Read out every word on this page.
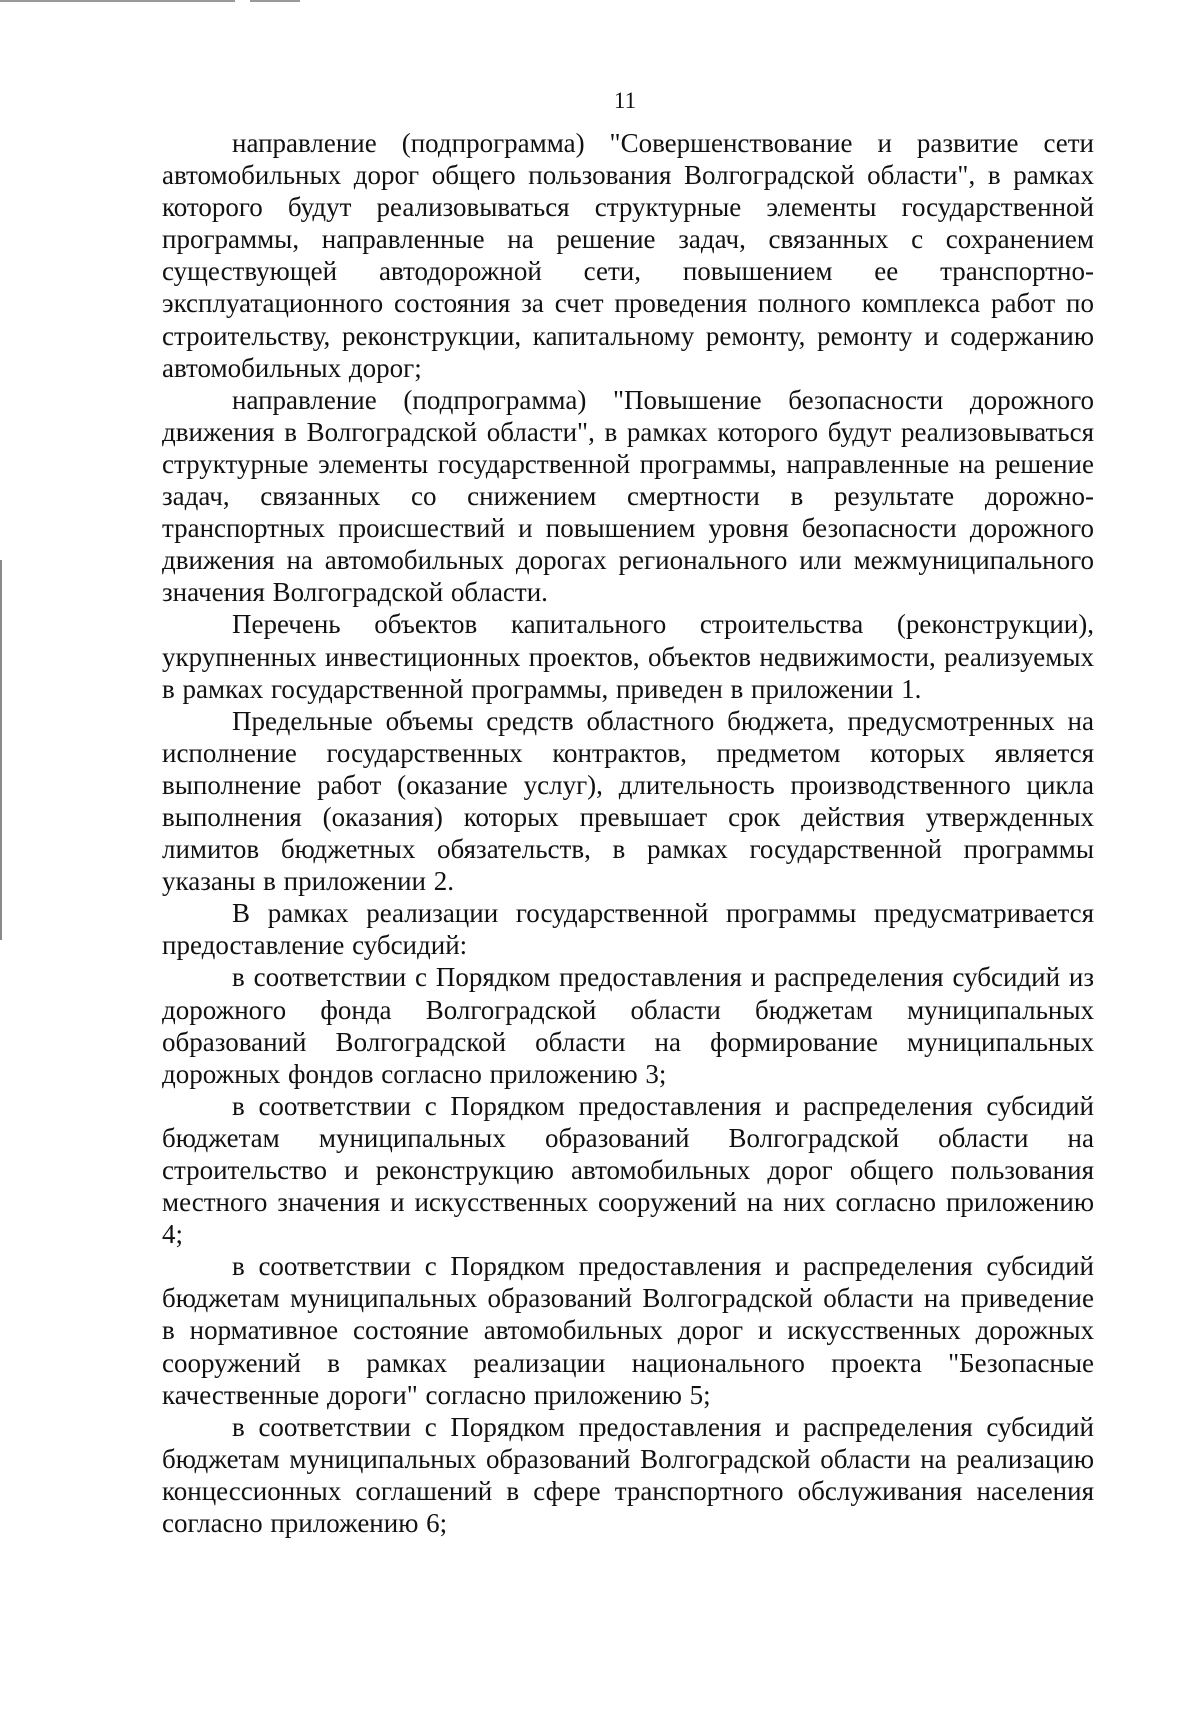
11

направление (подпрограмма) "Совершенствование и развитие сети автомобильных дорог общего пользования Волгоградской области", в рамках которого будут реализовываться структурные элементы государственной программы, направленные на решение задач, связанных с сохранением существующей автодорожной сети, повышением ее транспортно-эксплуатационного состояния за счет проведения полного комплекса работ по строительству, реконструкции, капитальному ремонту, ремонту и содержанию автомобильных дорог;

направление (подпрограмма) "Повышение безопасности дорожного движения в Волгоградской области", в рамках которого будут реализовываться структурные элементы государственной программы, направленные на решение задач, связанных со снижением смертности в результате дорожно-транспортных происшествий и повышением уровня безопасности дорожного движения на автомобильных дорогах регионального или межмуниципального значения Волгоградской области.

Перечень объектов капитального строительства (реконструкции), укрупненных инвестиционных проектов, объектов недвижимости, реализуемых в рамках государственной программы, приведен в приложении 1.

Предельные объемы средств областного бюджета, предусмотренных на исполнение государственных контрактов, предметом которых является выполнение работ (оказание услуг), длительность производственного цикла выполнения (оказания) которых превышает срок действия утвержденных лимитов бюджетных обязательств, в рамках государственной программы указаны в приложении 2.

В рамках реализации государственной программы предусматривается предоставление субсидий:

в соответствии с Порядком предоставления и распределения субсидий из дорожного фонда Волгоградской области бюджетам муниципальных образований Волгоградской области на формирование муниципальных дорожных фондов согласно приложению 3;

в соответствии с Порядком предоставления и распределения субсидий бюджетам муниципальных образований Волгоградской области на строительство и реконструкцию автомобильных дорог общего пользования местного значения и искусственных сооружений на них согласно приложению 4;

в соответствии с Порядком предоставления и распределения субсидий бюджетам муниципальных образований Волгоградской области на приведение в нормативное состояние автомобильных дорог и искусственных дорожных сооружений в рамках реализации национального проекта "Безопасные качественные дороги" согласно приложению 5;

в соответствии с Порядком предоставления и распределения субсидий бюджетам муниципальных образований Волгоградской области на реализацию концессионных соглашений в сфере транспортного обслуживания населения согласно приложению 6;
